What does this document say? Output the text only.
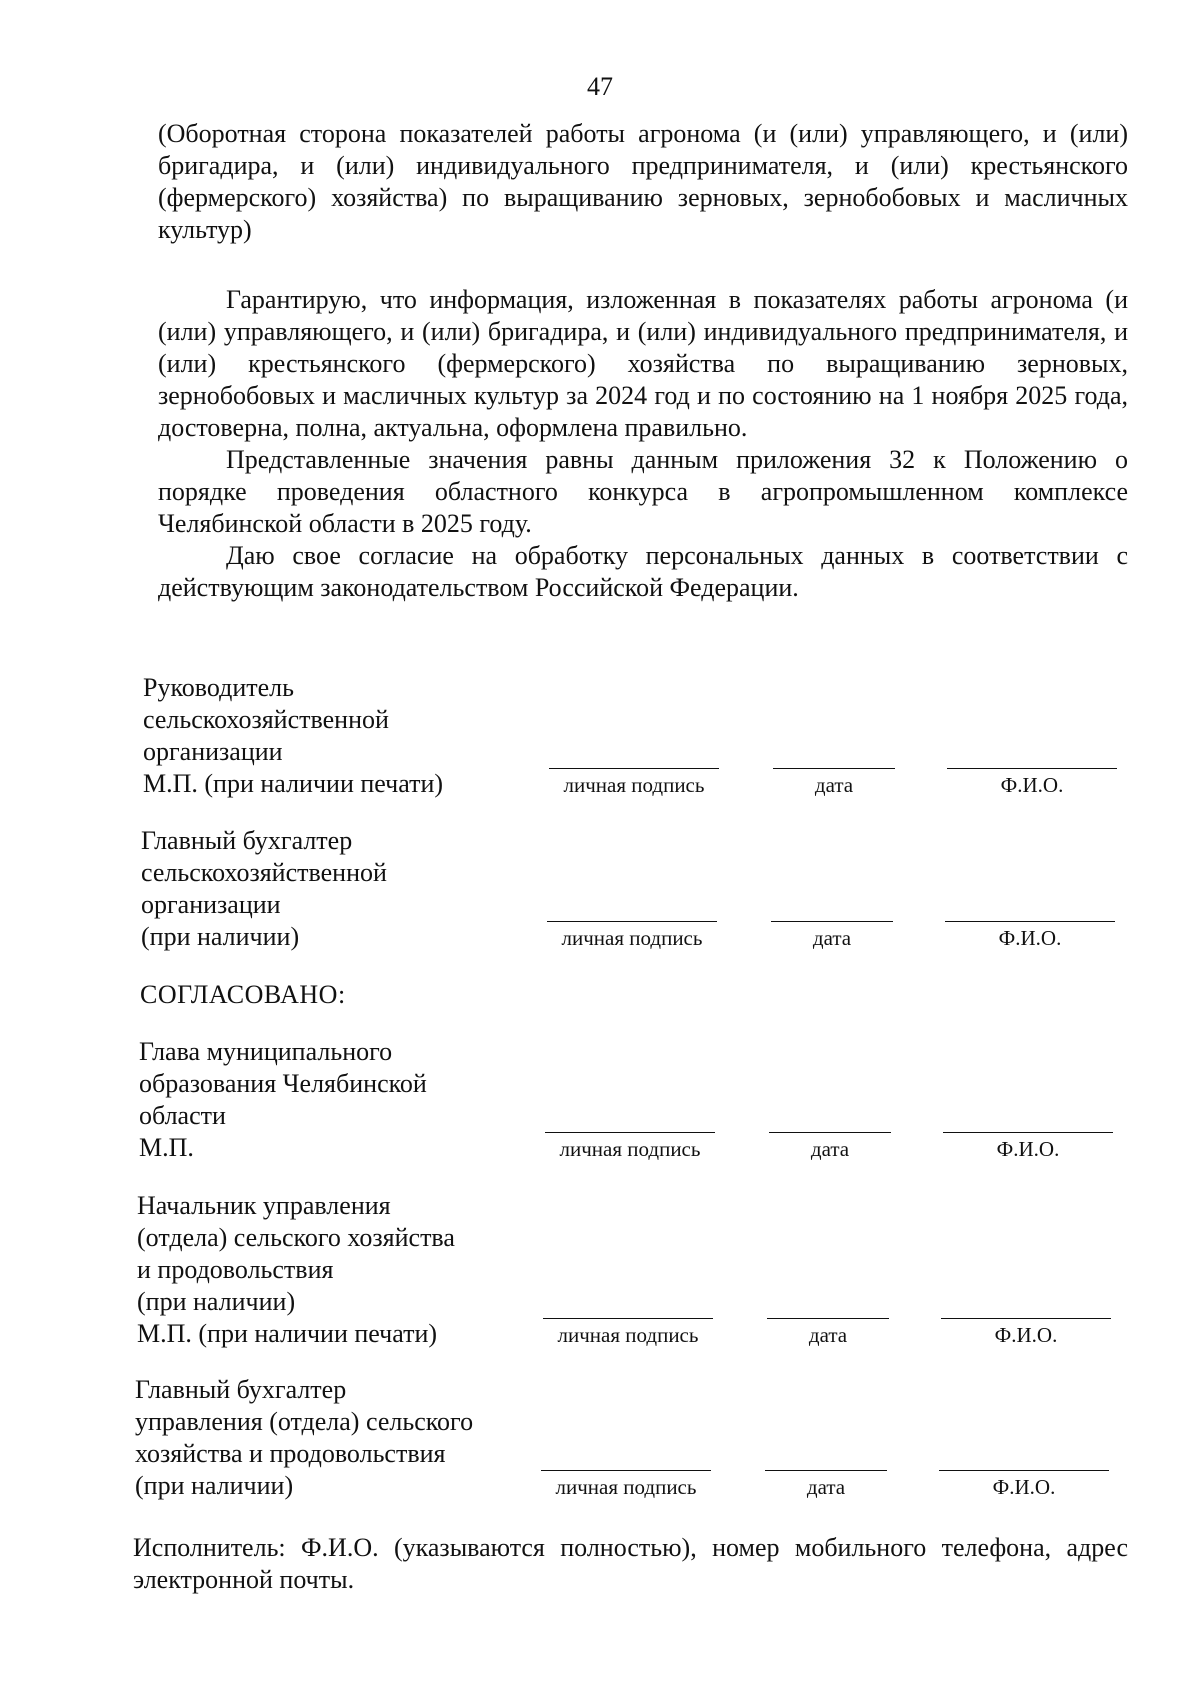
47
(Оборотная сторона показателей работы агронома (и (или) управляющего, и (или) бригадира, и (или) индивидуального предпринимателя, и (или) крестьянского (фермерского) хозяйства) по выращиванию зерновых, зернобобовых и масличных культур)

Гарантирую, что информация, изложенная в показателях работы агронома (и (или) управляющего, и (или) бригадира, и (или) индивидуального предпринимателя, и (или) крестьянского (фермерского) хозяйства по выращиванию зерновых, зернобобовых и масличных культур за 2024 год и по состоянию на 1 ноября 2025 года, достоверна, полна, актуальна, оформлена правильно.

Представленные значения равны данным приложения 32 к Положению о порядке проведения областного конкурса в агропромышленном комплексе Челябинской области в 2025 году.

Даю свое согласие на обработку персональных данных в соответствии с действующим законодательством Российской Федерации.

Руководитель
сельскохозяйственной
организации
М.П. (при наличии печати)	личная подпись	дата	Ф.И.О.
Главный бухгалтер
сельскохозяйственной
организации
(при наличии)	личная подпись	дата	Ф.И.О.
СОГЛАСОВАНО:
Глава муниципального
образования Челябинской
области
М.П.	личная подпись	дата	Ф.И.О.
Начальник управления
(отдела) сельского хозяйства
и продовольствия
(при наличии)
М.П. (при наличии печати)	личная подпись	дата	Ф.И.О.
Главный бухгалтер
управления (отдела) сельского
хозяйства и продовольствия
(при наличии)	личная подпись	дата	Ф.И.О.
Исполнитель: Ф.И.О. (указываются полностью), номер мобильного телефона, адрес электронной почты.
